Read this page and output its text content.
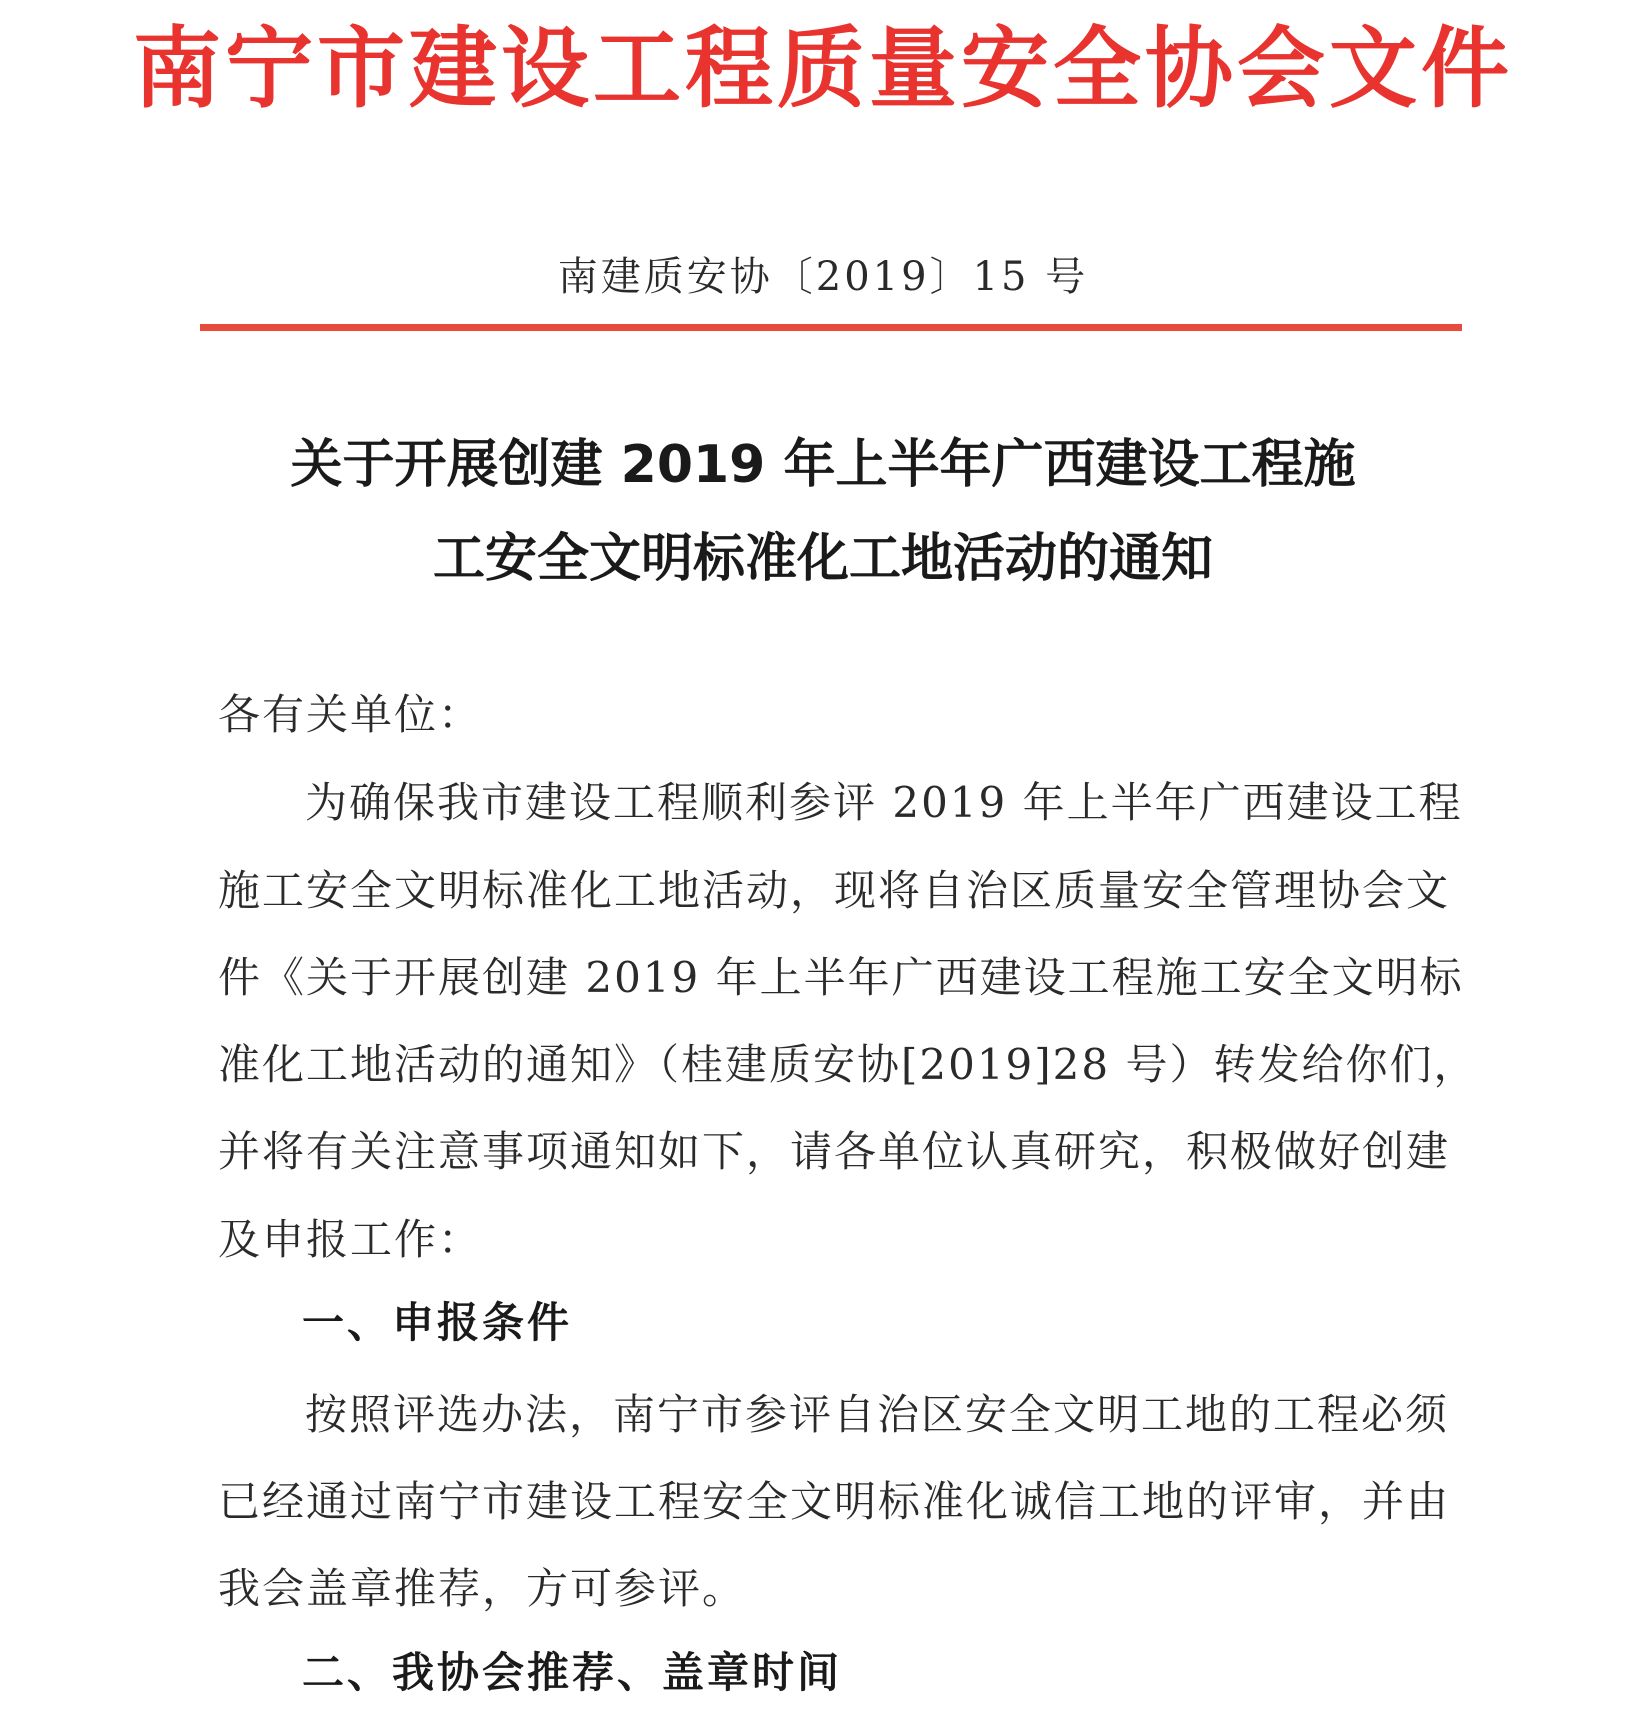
南宁市建设工程质量安全协会文件
南建质安协〔2019〕15 号
关于开展创建 2019 年上半年广西建设工程施
工安全文明标准化工地活动的通知
各有关单位：
为确保我市建设工程顺利参评 2019 年上半年广西建设工程
施工安全文明标准化工地活动，现将自治区质量安全管理协会文
件《关于开展创建 2019 年上半年广西建设工程施工安全文明标
准化工地活动的通知》（桂建质安协[2019]28 号）转发给你们，
并将有关注意事项通知如下，请各单位认真研究，积极做好创建
及申报工作：
一、申报条件
按照评选办法，南宁市参评自治区安全文明工地的工程必须
已经通过南宁市建设工程安全文明标准化诚信工地的评审，并由
我会盖章推荐，方可参评。
二、我协会推荐、盖章时间
